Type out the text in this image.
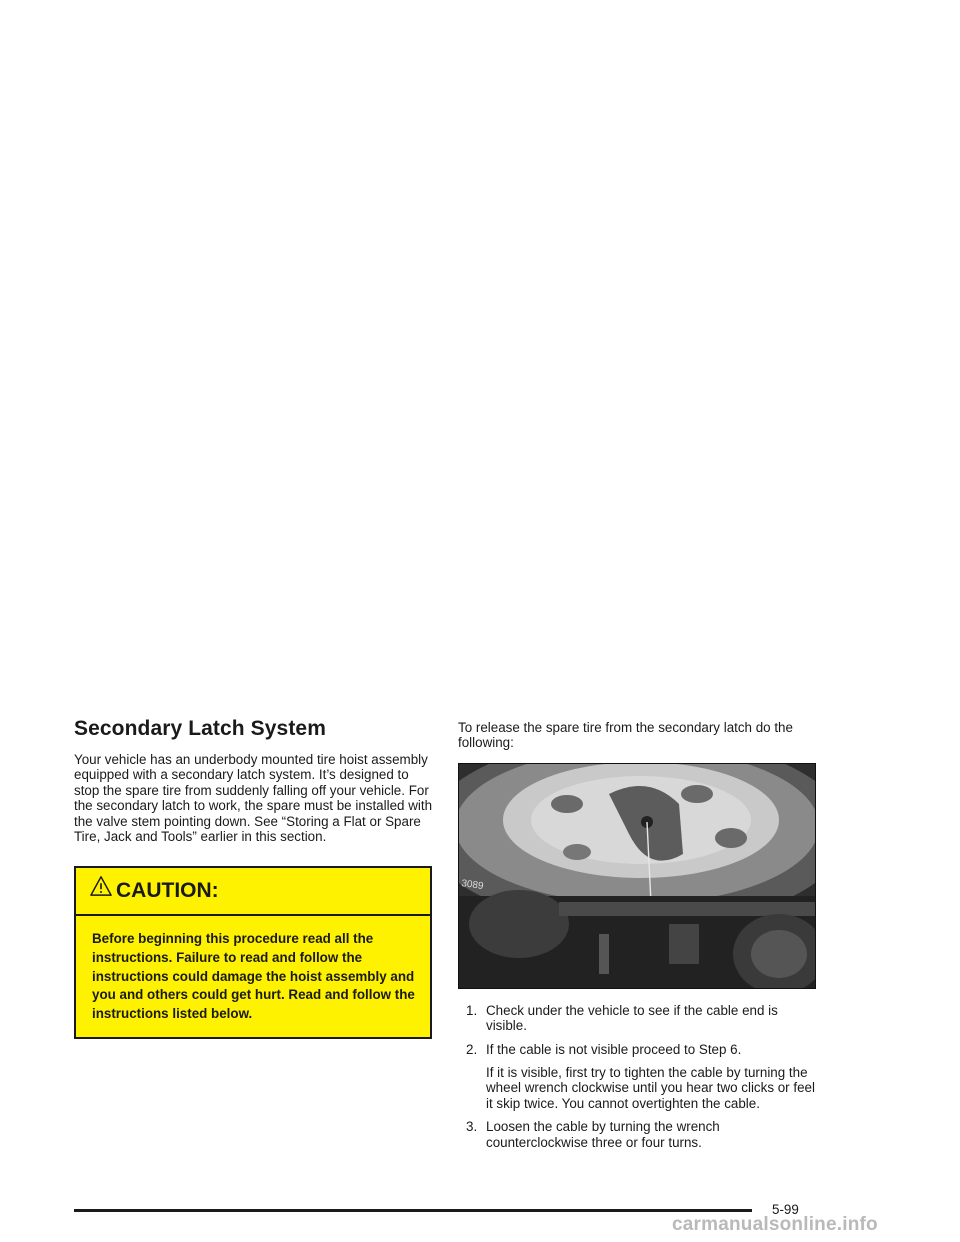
Secondary Latch System

Your vehicle has an underbody mounted tire hoist assembly equipped with a secondary latch system. It’s designed to stop the spare tire from suddenly falling off your vehicle. For the secondary latch to work, the spare must be installed with the valve stem pointing down. See “Storing a Flat or Spare Tire, Jack and Tools” earlier in this section.

CAUTION:
Before beginning this procedure read all the instructions. Failure to read and follow the instructions could damage the hoist assembly and you and others could get hurt. Read and follow the instructions listed below.

To release the spare tire from the secondary latch do the following:

3089
1. Check under the vehicle to see if the cable end is visible.
2. If the cable is not visible proceed to Step 6.
If it is visible, first try to tighten the cable by turning the wheel wrench clockwise until you hear two clicks or feel it skip twice. You cannot overtighten the cable.
3. Loosen the cable by turning the wrench counterclockwise three or four turns.
5-99
carmanualsonline.info
